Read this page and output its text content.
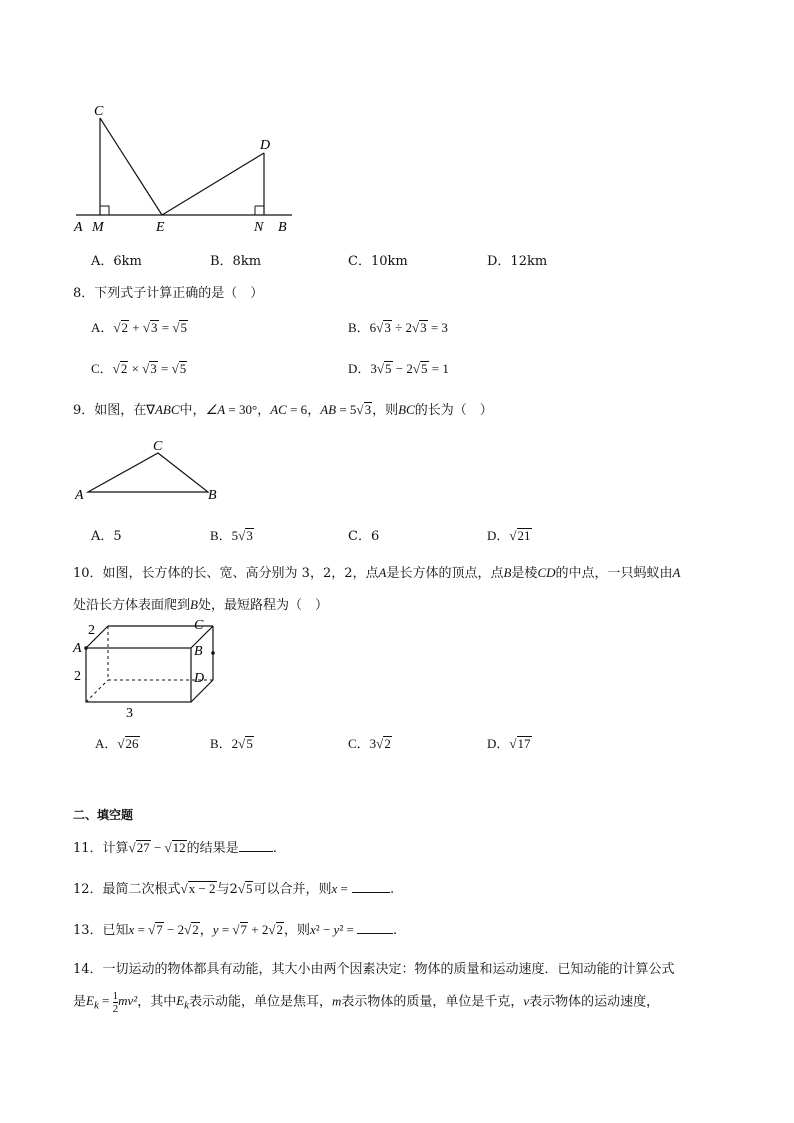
C
D
A M	E	N B
A．6km	B．8km	C．10km	D．12km
8．下列式子计算正确的是（　）
A．√2 + √3 = √5	B．6√3 ÷ 2√3 = 3
C．√2 × √3 = √5	D．3√5 − 2√5 = 1
9．如图，在∇ABC中，∠A = 30°，AC = 6，AB = 5√3，则BC的长为（　）
C
A	B
A．5	B．5√3	C．6	D．√21
10．如图，长方体的长、宽、高分别为 3，2，2，点A是长方体的顶点，点B是棱CD的中点，一只蚂蚁由A
处沿长方体表面爬到B处，最短路程为（　）
2
A
2
3
C
B
D
A．√26	B．2√5	C．3√2	D．√17
二、填空题
11．计算√27 − √12的结果是	.
12．最简二次根式√x − 2与2√5可以合并，则x =	.
13．已知x = √7 − 2√2，y = √7 + 2√2，则x² − y² =	.
14．一切运动的物体都具有动能，其大小由两个因素决定：物体的质量和运动速度．已知动能的计算公式
是$E_k = \frac{1}{2} mv^2$，其中$E_k$表示动能，单位是焦耳，m表示物体的质量，单位是千克，v表示物体的运动速度，
